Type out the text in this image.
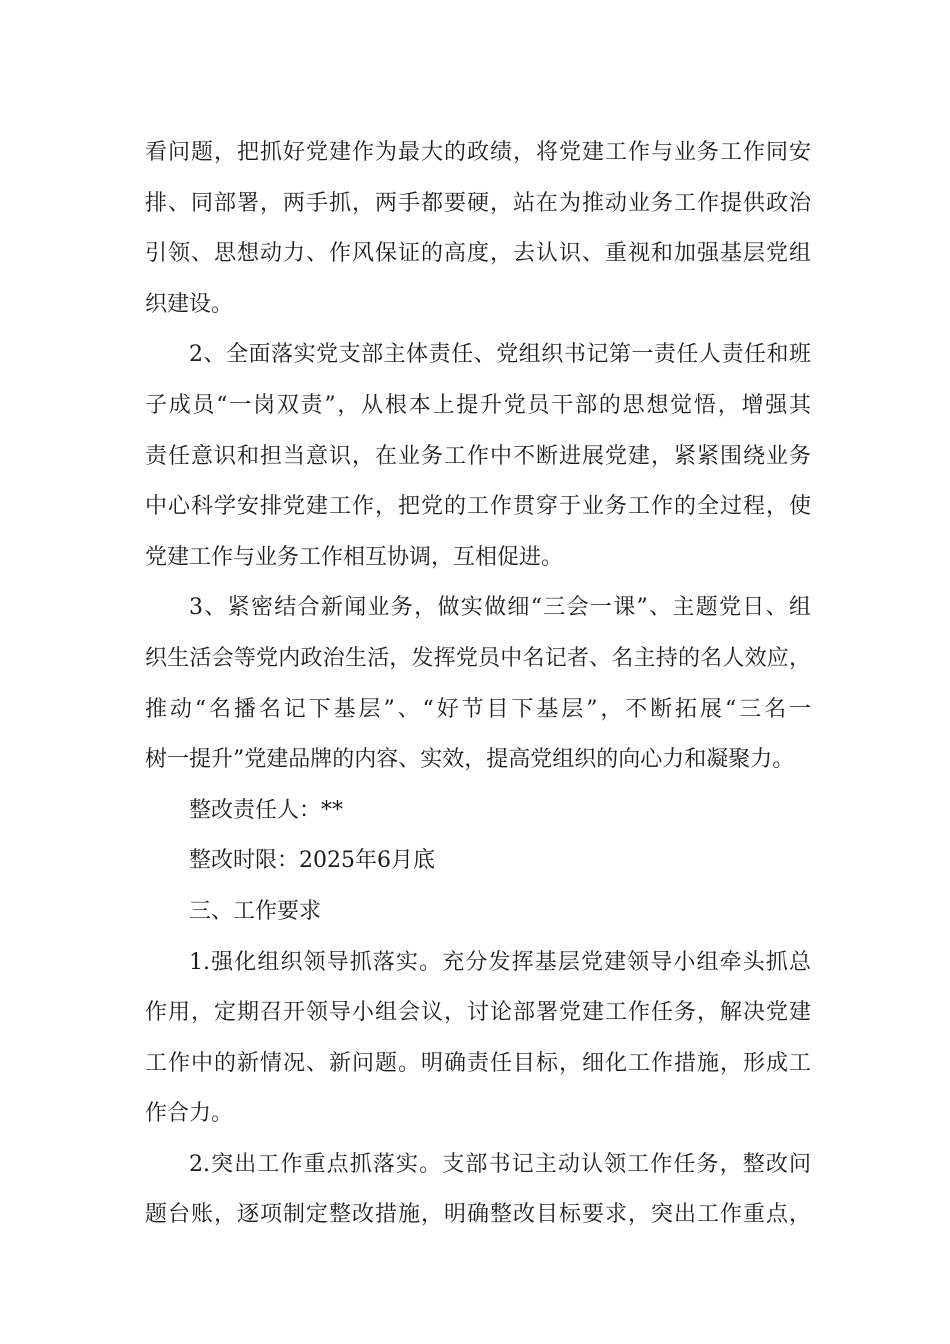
看问题，把抓好党建作为最大的政绩，将党建工作与业务工作同安
排、同部署，两手抓，两手都要硬，站在为推动业务工作提供政治
引领、思想动力、作风保证的高度，去认识、重视和加强基层党组
织建设。
2、全面落实党支部主体责任、党组织书记第一责任人责任和班
子成员“一岗双责”，从根本上提升党员干部的思想觉悟，增强其
责任意识和担当意识，在业务工作中不断进展党建，紧紧围绕业务
中心科学安排党建工作，把党的工作贯穿于业务工作的全过程，使
党建工作与业务工作相互协调，互相促进。
3、紧密结合新闻业务，做实做细“三会一课”、主题党日、组
织生活会等党内政治生活，发挥党员中名记者、名主持的名人效应，
推动“名播名记下基层”、“好节目下基层”，不断拓展“三名一
树一提升”党建品牌的内容、实效，提高党组织的向心力和凝聚力。
整改责任人：**
整改时限：2025年6月底
三、工作要求
1.强化组织领导抓落实。充分发挥基层党建领导小组牵头抓总
作用，定期召开领导小组会议，讨论部署党建工作任务，解决党建
工作中的新情况、新问题。明确责任目标，细化工作措施，形成工
作合力。
2.突出工作重点抓落实。支部书记主动认领工作任务，整改问
题台账，逐项制定整改措施，明确整改目标要求，突出工作重点，
